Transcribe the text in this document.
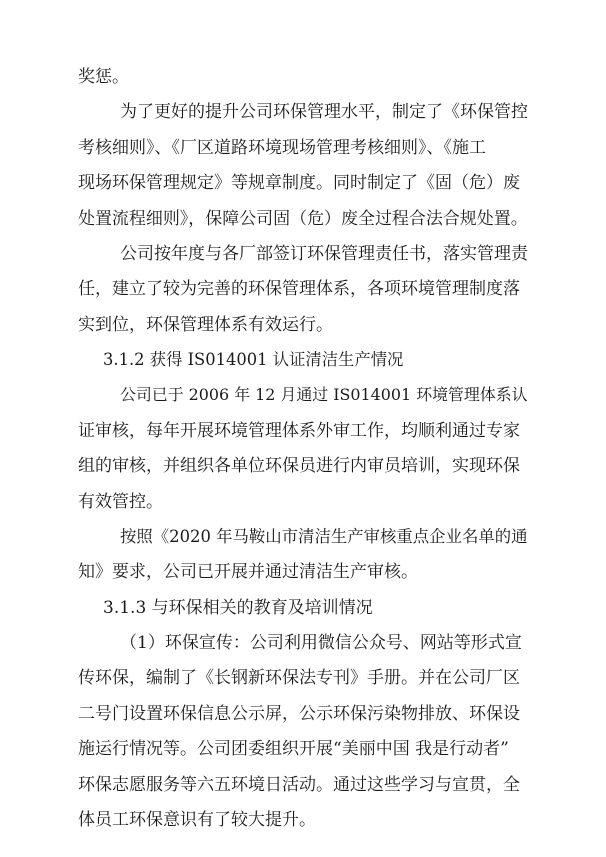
奖惩。
为了更好的提升公司环保管理水平，制定了《环保管控
考核细则》、《厂区道路环境现场管理考核细则》、《施工
现场环保管理规定》等规章制度。同时制定了《固（危）废
处置流程细则》，保障公司固（危）废全过程合法合规处置。
公司按年度与各厂部签订环保管理责任书，落实管理责
任，建立了较为完善的环保管理体系，各项环境管理制度落
实到位，环保管理体系有效运行。
3.1.2 获得 IS014001 认证清洁生产情况
公司已于 2006 年 12 月通过 IS014001 环境管理体系认
证审核，每年开展环境管理体系外审工作，均顺利通过专家
组的审核，并组织各单位环保员进行内审员培训，实现环保
有效管控。
按照《2020 年马鞍山市清洁生产审核重点企业名单的通
知》要求，公司已开展并通过清洁生产审核。
3.1.3 与环保相关的教育及培训情况
（1）环保宣传：公司利用微信公众号、网站等形式宣
传环保，编制了《长钢新环保法专刊》手册。并在公司厂区
二号门设置环保信息公示屏，公示环保污染物排放、环保设
施运行情况等。公司团委组织开展“美丽中国 我是行动者”
环保志愿服务等六五环境日活动。通过这些学习与宣贯，全
体员工环保意识有了较大提升。
